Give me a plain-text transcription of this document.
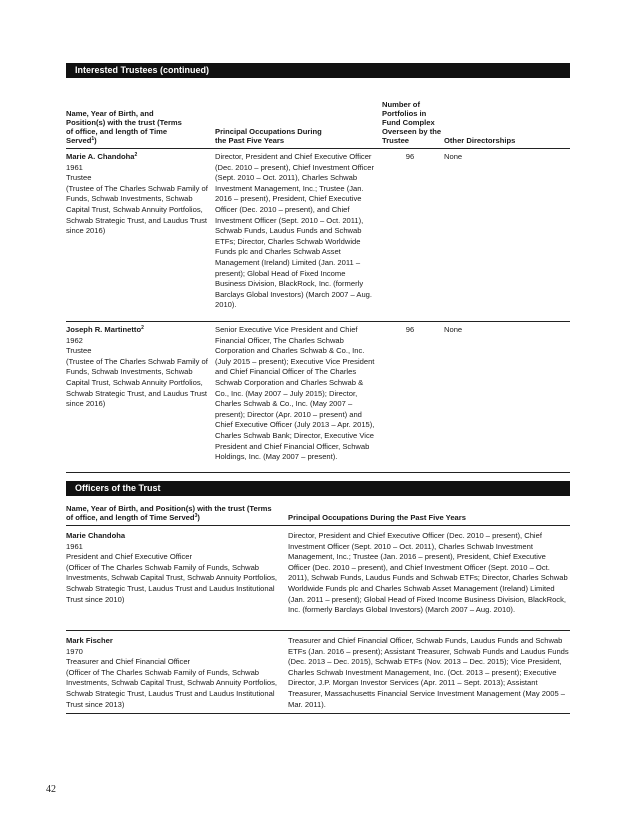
Interested Trustees (continued)
Name, Year of Birth, and Position(s) with the trust (Terms of office, and length of Time Served$^1$)
Principal Occupations During the Past Five Years
Number of Portfolios in Fund Complex Overseen by the Trustee	Other Directorships
Marie A. Chandoha$^2$
1961
Trustee
(Trustee of The Charles Schwab Family of Funds, Schwab Investments, Schwab Capital Trust, Schwab Annuity Portfolios, Schwab Strategic Trust, and Laudus Trust since 2016)
Director, President and Chief Executive Officer (Dec. 2010 – present), Chief Investment Officer (Sept. 2010 – Oct. 2011), Charles Schwab Investment Management, Inc.; Trustee (Jan. 2016 – present), President, Chief Executive Officer (Dec. 2010 – present), and Chief Investment Officer (Sept. 2010 – Oct. 2011), Schwab Funds, Laudus Funds and Schwab ETFs; Director, Charles Schwab Worldwide Funds plc and Charles Schwab Asset Management (Ireland) Limited (Jan. 2011 – present); Global Head of Fixed Income Business Division, BlackRock, Inc. (formerly Barclays Global Investors) (March 2007 – Aug. 2010).
96	None
Joseph R. Martinetto$^2$
1962
Trustee
(Trustee of The Charles Schwab Family of Funds, Schwab Investments, Schwab Capital Trust, Schwab Annuity Portfolios, Schwab Strategic Trust, and Laudus Trust since 2016)
Senior Executive Vice President and Chief Financial Officer, The Charles Schwab Corporation and Charles Schwab & Co., Inc. (July 2015 – present); Executive Vice President and Chief Financial Officer of The Charles Schwab Corporation and Charles Schwab & Co., Inc. (May 2007 – July 2015); Director, Charles Schwab & Co., Inc. (May 2007 – present); Director (Apr. 2010 – present) and Chief Executive Officer (July 2013 – Apr. 2015), Charles Schwab Bank; Director, Executive Vice President and Chief Financial Officer, Schwab Holdings, Inc. (May 2007 – present).
96	None
Officers of the Trust
Name, Year of Birth, and Position(s) with the trust (Terms of office, and length of Time Served$^3$)	Principal Occupations During the Past Five Years
Marie Chandoha
1961
President and Chief Executive Officer
(Officer of The Charles Schwab Family of Funds, Schwab Investments, Schwab Capital Trust, Schwab Annuity Portfolios, Schwab Strategic Trust, Laudus Trust and Laudus Institutional Trust since 2010)
Director, President and Chief Executive Officer (Dec. 2010 – present), Chief Investment Officer (Sept. 2010 – Oct. 2011), Charles Schwab Investment Management, Inc.; Trustee (Jan. 2016 – present), President, Chief Executive Officer (Dec. 2010 – present), and Chief Investment Officer (Sept. 2010 – Oct. 2011), Schwab Funds, Laudus Funds and Schwab ETFs; Director, Charles Schwab Worldwide Funds plc and Charles Schwab Asset Management (Ireland) Limited (Jan. 2011 – present); Global Head of Fixed Income Business Division, BlackRock, Inc. (formerly Barclays Global Investors) (March 2007 – Aug. 2010).
Mark Fischer
1970
Treasurer and Chief Financial Officer
(Officer of The Charles Schwab Family of Funds, Schwab Investments, Schwab Capital Trust, Schwab Annuity Portfolios, Schwab Strategic Trust, Laudus Trust and Laudus Institutional Trust since 2013)
Treasurer and Chief Financial Officer, Schwab Funds, Laudus Funds and Schwab ETFs (Jan. 2016 – present); Assistant Treasurer, Schwab Funds and Laudus Funds (Dec. 2013 – Dec. 2015), Schwab ETFs (Nov. 2013 – Dec. 2015); Vice President, Charles Schwab Investment Management, Inc. (Oct. 2013 – present); Executive Director, J.P. Morgan Investor Services (Apr. 2011 – Sept. 2013); Assistant Treasurer, Massachusetts Financial Service Investment Management (May 2005 – Mar. 2011).
42
